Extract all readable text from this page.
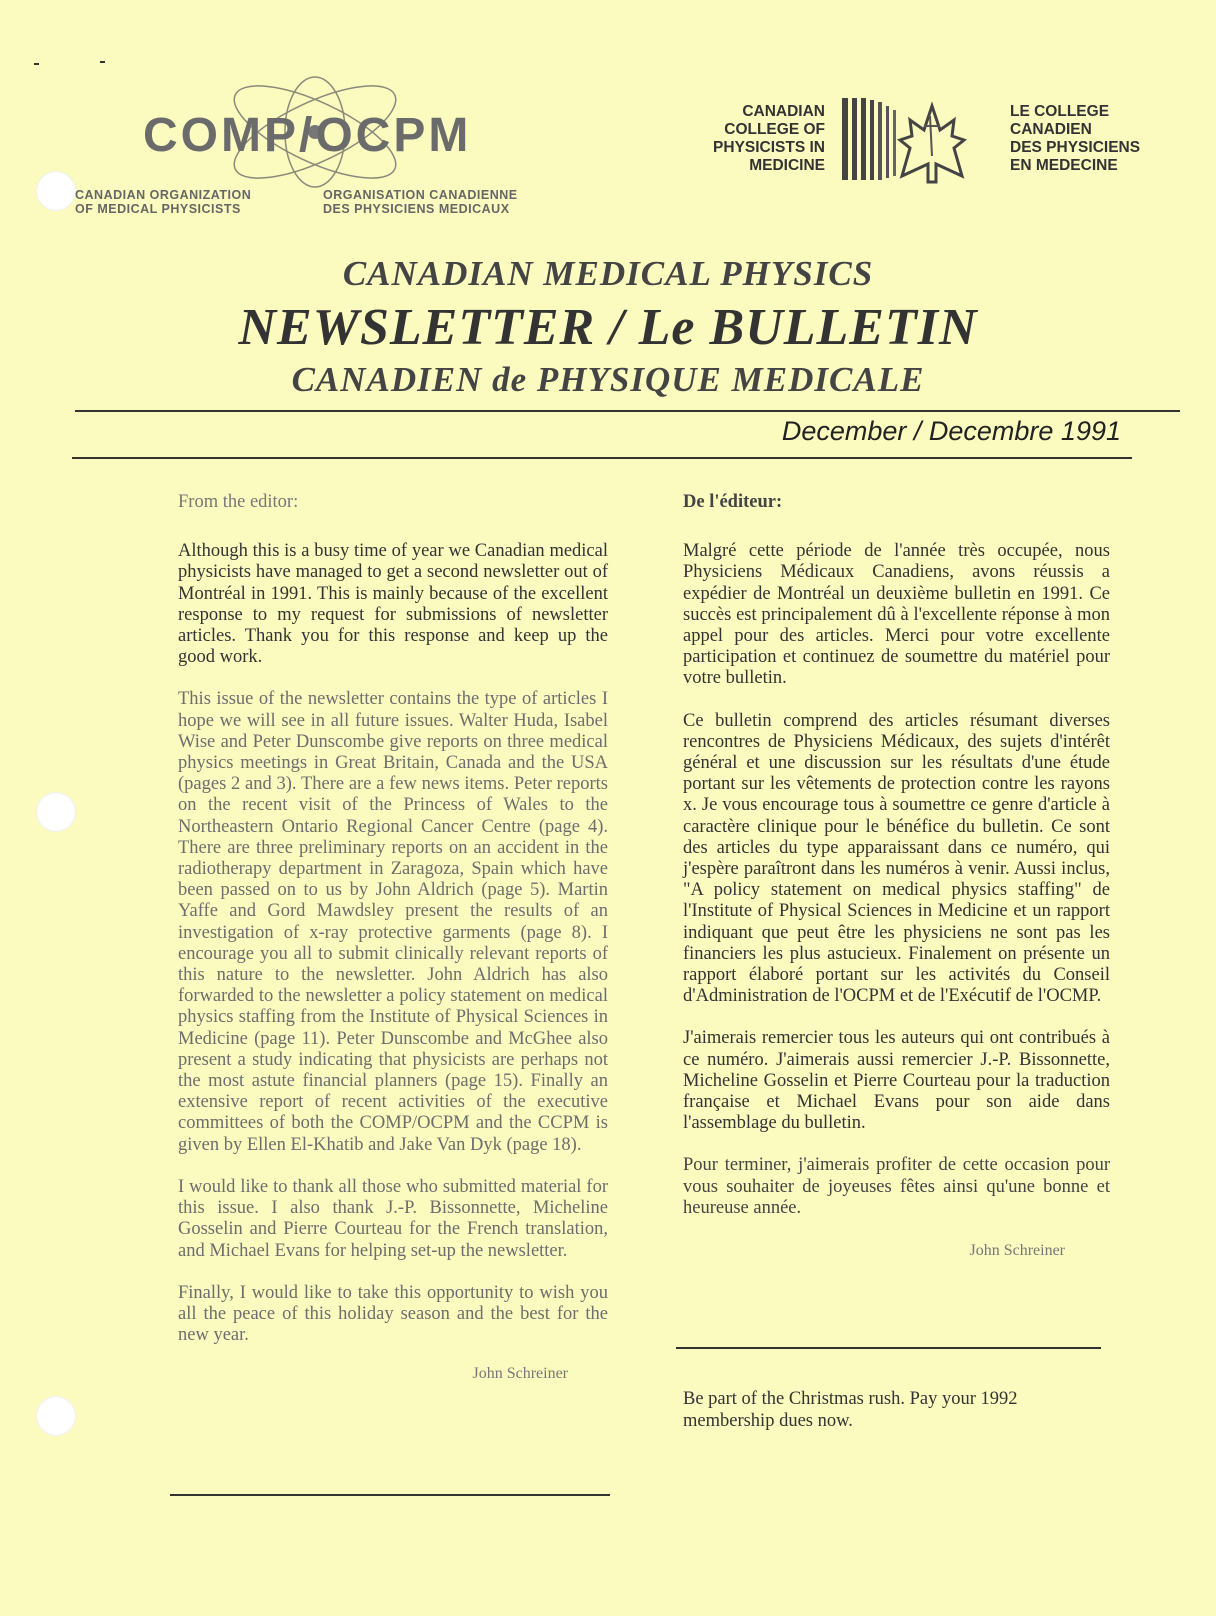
COMP/OCPM
CANADIAN ORGANIZATION
OF MEDICAL PHYSICISTS
ORGANISATION CANADIENNE
DES PHYSICIENS MEDICAUX
CANADIAN
COLLEGE OF
PHYSICISTS IN
MEDICINE
LE COLLEGE
CANADIEN
DES PHYSICIENS
EN MEDECINE
CANADIAN MEDICAL PHYSICS
NEWSLETTER / Le BULLETIN
CANADIEN de PHYSIQUE MEDICALE
December / Decembre 1991
From the editor:

Although this is a busy time of year we Canadian medical physicists have managed to get a second newsletter out of Montréal in 1991. This is mainly because of the excellent response to my request for submissions of newsletter articles. Thank you for this response and keep up the good work.

This issue of the newsletter contains the type of articles I hope we will see in all future issues. Walter Huda, Isabel Wise and Peter Dunscombe give reports on three medical physics meetings in Great Britain, Canada and the USA (pages 2 and 3). There are a few news items. Peter reports on the recent visit of the Princess of Wales to the Northeastern Ontario Regional Cancer Centre (page 4). There are three preliminary reports on an accident in the radiotherapy department in Zaragoza, Spain which have been passed on to us by John Aldrich (page 5). Martin Yaffe and Gord Mawdsley present the results of an investigation of x-ray protective garments (page 8). I encourage you all to submit clinically relevant reports of this nature to the newsletter. John Aldrich has also forwarded to the newsletter a policy statement on medical physics staffing from the Institute of Physical Sciences in Medicine (page 11). Peter Dunscombe and McGhee also present a study indicating that physicists are perhaps not the most astute financial planners (page 15). Finally an extensive report of recent activities of the executive committees of both the COMP/OCPM and the CCPM is given by Ellen El-Khatib and Jake Van Dyk (page 18).

I would like to thank all those who submitted material for this issue. I also thank J.-P. Bissonnette, Micheline Gosselin and Pierre Courteau for the French translation, and Michael Evans for helping set-up the newsletter.

Finally, I would like to take this opportunity to wish you all the peace of this holiday season and the best for the new year.

John Schreiner
De l'éditeur:

Malgré cette période de l'année très occupée, nous Physiciens Médicaux Canadiens, avons réussis a expédier de Montréal un deuxième bulletin en 1991. Ce succès est principalement dû à l'excellente réponse à mon appel pour des articles. Merci pour votre excellente participation et continuez de soumettre du matériel pour votre bulletin.

Ce bulletin comprend des articles résumant diverses rencontres de Physiciens Médicaux, des sujets d'intérêt général et une discussion sur les résultats d'une étude portant sur les vêtements de protection contre les rayons x. Je vous encourage tous à soumettre ce genre d'article à caractère clinique pour le bénéfice du bulletin. Ce sont des articles du type apparaissant dans ce numéro, qui j'espère paraîtront dans les numéros à venir. Aussi inclus, "A policy statement on medical physics staffing" de l'Institute of Physical Sciences in Medicine et un rapport indiquant que peut être les physiciens ne sont pas les financiers les plus astucieux. Finalement on présente un rapport élaboré portant sur les activités du Conseil d'Administration de l'OCPM et de l'Exécutif de l'OCMP.

J'aimerais remercier tous les auteurs qui ont contribués à ce numéro. J'aimerais aussi remercier J.-P. Bissonnette, Micheline Gosselin et Pierre Courteau pour la traduction française et Michael Evans pour son aide dans l'assemblage du bulletin.

Pour terminer, j'aimerais profiter de cette occasion pour vous souhaiter de joyeuses fêtes ainsi qu'une bonne et heureuse année.

John Schreiner
Be part of the Christmas rush. Pay your 1992 membership dues now.
